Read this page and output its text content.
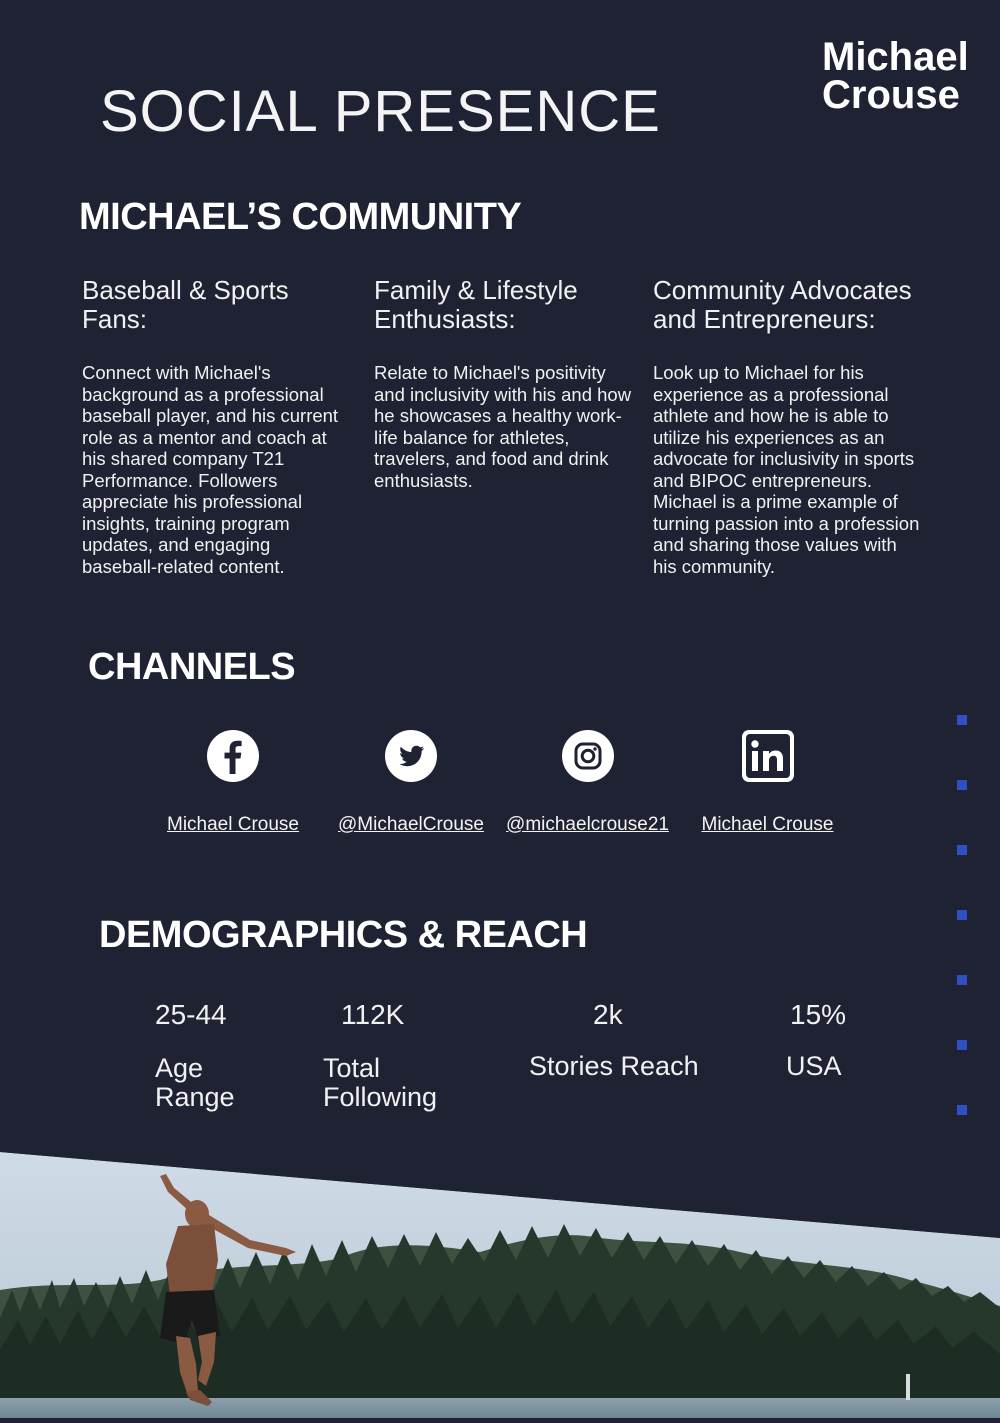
SOCIAL PRESENCE
Michael
Crouse
MICHAEL’S COMMUNITY

Baseball & Sports Fans:

Connect with Michael's background as a professional baseball player, and his current role as a mentor and coach at his shared company T21 Performance. Followers appreciate his professional insights, training program updates, and engaging baseball-related content.

Family & Lifestyle Enthusiasts:

Relate to Michael's positivity and inclusivity with his and how he showcases a healthy work-life balance for athletes, travelers, and food and drink enthusiasts.

Community Advocates and Entrepreneurs:

Look up to Michael for his experience as a professional athlete and how he is able to utilize his experiences as an advocate for inclusivity in sports and BIPOC entrepreneurs. Michael is a prime example of turning passion into a profession and sharing those values with his community.

CHANNELS
Michael Crouse	@MichaelCrouse	@michaelcrouse21	Michael Crouse
DEMOGRAPHICS & REACH
25-44
Age Range
112K
Total Following
2k
Stories Reach
15%
USA
